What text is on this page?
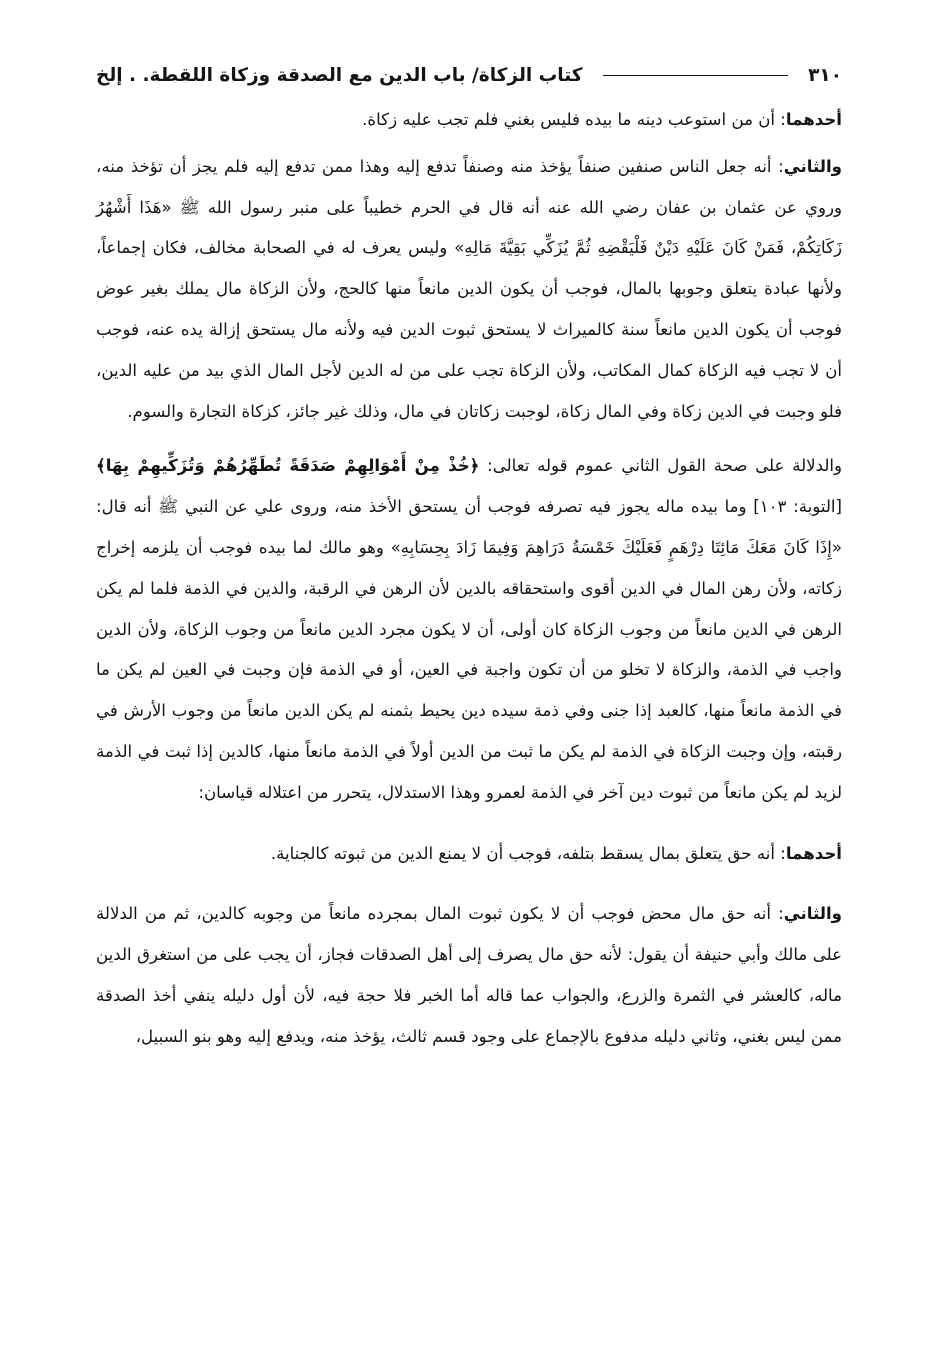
٣١٠
كتاب الزكاة/ باب الدين مع الصدقة وزكاة اللقطة. . إلخ

أحدهما: أن من استوعب دينه ما بيده فليس بغني فلم تجب عليه زكاة.

والثاني: أنه جعل الناس صنفين صنفاً يؤخذ منه وصنفاً تدفع إليه وهذا ممن تدفع إليه فلم يجز أن تؤخذ منه، وروي عن عثمان بن عفان رضي الله عنه أنه قال في الحرم خطيباً على منبر رسول الله ﷺ «هَذَا أَشْهُرُ زَكَاتِكُمْ، فَمَنْ كَانَ عَلَيْهِ دَيْنٌ فَلْيَقْضِهِ ثُمَّ يُزَكِّي بَقِيَّةَ مَالِهِ» وليس يعرف له في الصحابة مخالف، فكان إجماعاً، ولأنها عبادة يتعلق وجوبها بالمال، فوجب أن يكون الدين مانعاً منها كالحج، ولأن الزكاة مال يملك بغير عوض فوجب أن يكون الدين مانعاً سنة كالميراث لا يستحق ثبوت الدين فيه ولأنه مال يستحق إزالة يده عنه، فوجب أن لا تجب فيه الزكاة كمال المكاتب، ولأن الزكاة تجب على من له الدين لأجل المال الذي بيد من عليه الدين، فلو وجبت في الدين زكاة وفي المال زكاة، لوجبت زكاتان في مال، وذلك غير جائز، كزكاة التجارة والسوم.

والدلالة على صحة القول الثاني عموم قوله تعالى: ﴿خُذْ مِنْ أَمْوَالِهِمْ صَدَقَةً تُطَهِّرُهُمْ وَتُزَكِّيهِمْ بِهَا﴾ [التوبة: ١٠٣] وما بيده ماله يجوز فيه تصرفه فوجب أن يستحق الأخذ منه، وروى علي عن النبي ﷺ أنه قال: «إِذَا كَانَ مَعَكَ مَائِتَا دِرْهَمٍ فَعَلَيْكَ خَمْسَةُ دَرَاهِمَ وَفِيمَا زَادَ بِحِسَابِهِ» وهو مالك لما بيده فوجب أن يلزمه إخراج زكاته، ولأن رهن المال في الدين أقوى واستحقاقه بالدين لأن الرهن في الرقبة، والدين في الذمة فلما لم يكن الرهن في الدين مانعاً من وجوب الزكاة كان أولى، أن لا يكون مجرد الدين مانعاً من وجوب الزكاة، ولأن الدين واجب في الذمة، والزكاة لا تخلو من أن تكون واجبة في العين، أو في الذمة فإن وجبت في العين لم يكن ما في الذمة مانعاً منها، كالعبد إذا جنى وفي ذمة سيده دين يحيط بثمنه لم يكن الدين مانعاً من وجوب الأرش في رقبته، وإن وجبت الزكاة في الذمة لم يكن ما ثبت من الدين أولاً في الذمة مانعاً منها، كالدين إذا ثبت في الذمة لزيد لم يكن مانعاً من ثبوت دين آخر في الذمة لعمرو وهذا الاستدلال، يتحرر من اعتلاله قياسان:

أحدهما: أنه حق يتعلق بمال يسقط بتلفه، فوجب أن لا يمنع الدين من ثبوته كالجناية.

والثاني: أنه حق مال محض فوجب أن لا يكون ثبوت المال بمجرده مانعاً من وجوبه كالدين، ثم من الدلالة على مالك وأبي حنيفة أن يقول: لأنه حق مال يصرف إلى أهل الصدقات فجاز، أن يجب على من استغرق الدين ماله، كالعشر في الثمرة والزرع، والجواب عما قاله أما الخبر فلا حجة فيه، لأن أول دليله ينفي أخذ الصدقة ممن ليس بغني، وثاني دليله مدفوع بالإجماع على وجود قسم ثالث، يؤخذ منه، ويدفع إليه وهو بنو السبيل،
